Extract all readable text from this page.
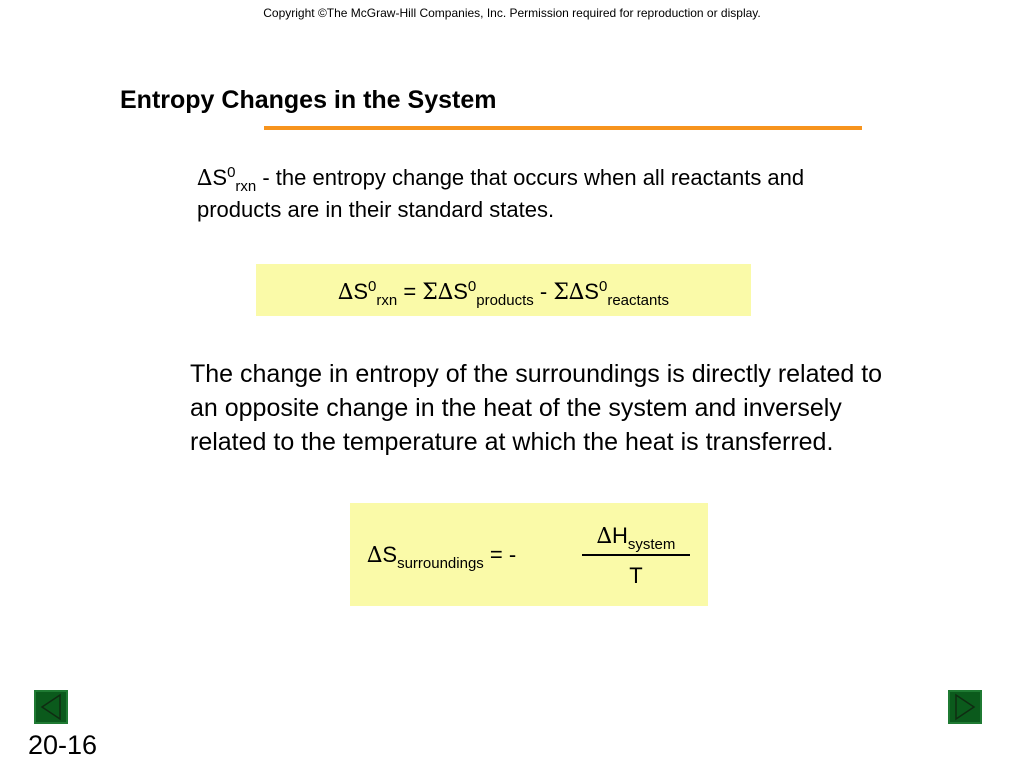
Copyright ©The McGraw-Hill Companies, Inc. Permission required for reproduction or display.
Entropy Changes in the System
$\Delta S^0_{rxn}$ - the entropy change that occurs when all reactants and products are in their standard states.
$\Delta S^0_{rxn} = \Sigma\Delta S^0_{products} - \Sigma\Delta S^0_{reactants}$
The change in entropy of the surroundings is directly related to an opposite change in the heat of the system and inversely related to the temperature at which the heat is transferred.
$\Delta S_{surroundings}$ = -
$\Delta H_{system}$
T
20-16
